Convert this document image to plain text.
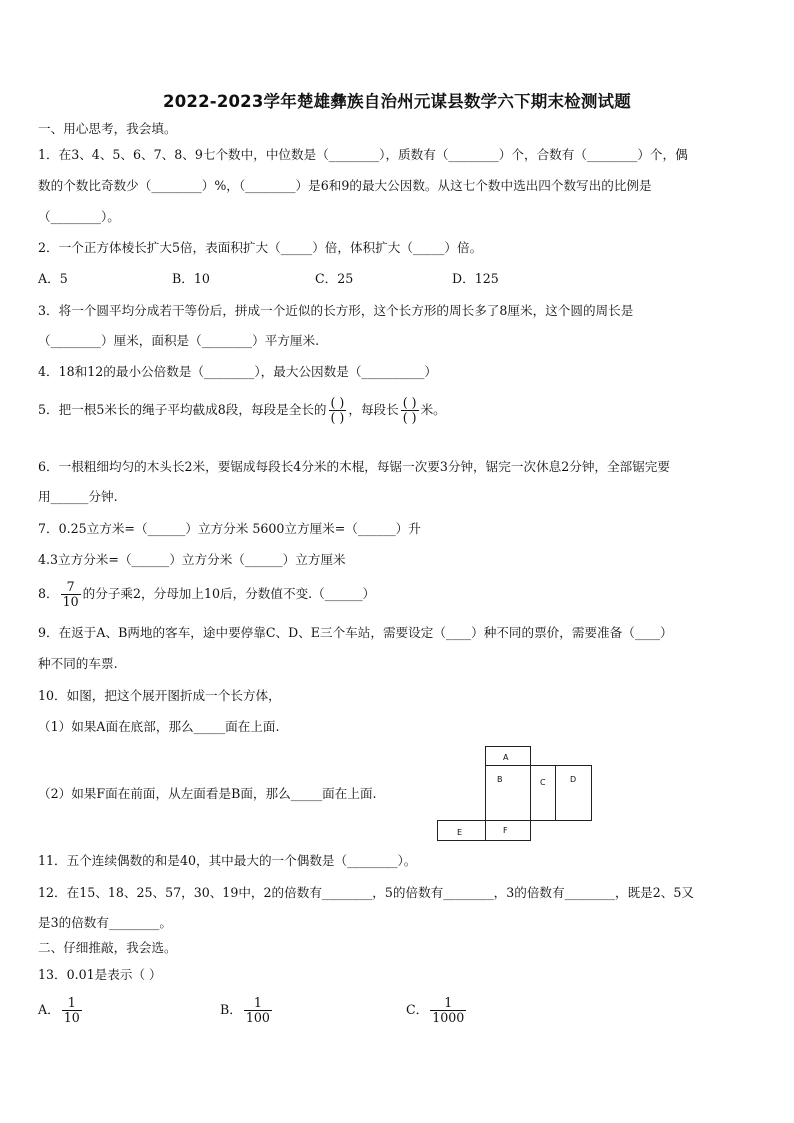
2022-2023学年楚雄彝族自治州元谋县数学六下期末检测试题
一、用心思考，我会填。
1．在3、4、5、6、7、8、9七个数中，中位数是（________），质数有（________）个，合数有（________）个，偶
数的个数比奇数少（________）%，（________）是6和9的最大公因数。从这七个数中选出四个数写出的比例是
（________）。
2．一个正方体棱长扩大5倍，表面积扩大（_____）倍，体积扩大（_____）倍。
A．5	B．10	C．25	D．125
3．将一个圆平均分成若干等份后，拼成一个近似的长方形，这个长方形的周长多了8厘米，这个圆的周长是
（________）厘米，面积是（________）平方厘米.
4．18和12的最小公倍数是（________），最大公因数是（__________）
5．把一根5米长的绳子平均截成8段，每段是全长的 $\frac{( )}{( )}$ ，每段长 $\frac{( )}{( )}$ 米。
6．一根粗细均匀的木头长2米，要锯成每段长4分米的木棍，每锯一次要3分钟，锯完一次休息2分钟，全部锯完要
用______分钟.
7．0.25立方米=（______）立方分米 5600立方厘米=（______）升
4.3立方分米=（______）立方分米（______）立方厘米
8． $\frac{7}{10}$ 的分子乘2，分母加上10后，分数值不变.（______）
9．在返于A、B两地的客车，途中要停靠C、D、E三个车站，需要设定（____）种不同的票价，需要准备（____）
种不同的车票.
10．如图，把这个展开图折成一个长方体，
（1）如果A面在底部，那么_____面在上面.
（2）如果F面在前面，从左面看是B面，那么_____面在上面.
A
B	C	D
E	F
11．五个连续偶数的和是40，其中最大的一个偶数是（________）。
12．在15、18、25、57，30、19中，2的倍数有________，5的倍数有________，3的倍数有________，既是2、5又
是3的倍数有________。
二、仔细推敲，我会选。
13．0.01是表示（ ）
A． $\frac{1}{10}$	B． $\frac{1}{100}$	C． $\frac{1}{1000}$
